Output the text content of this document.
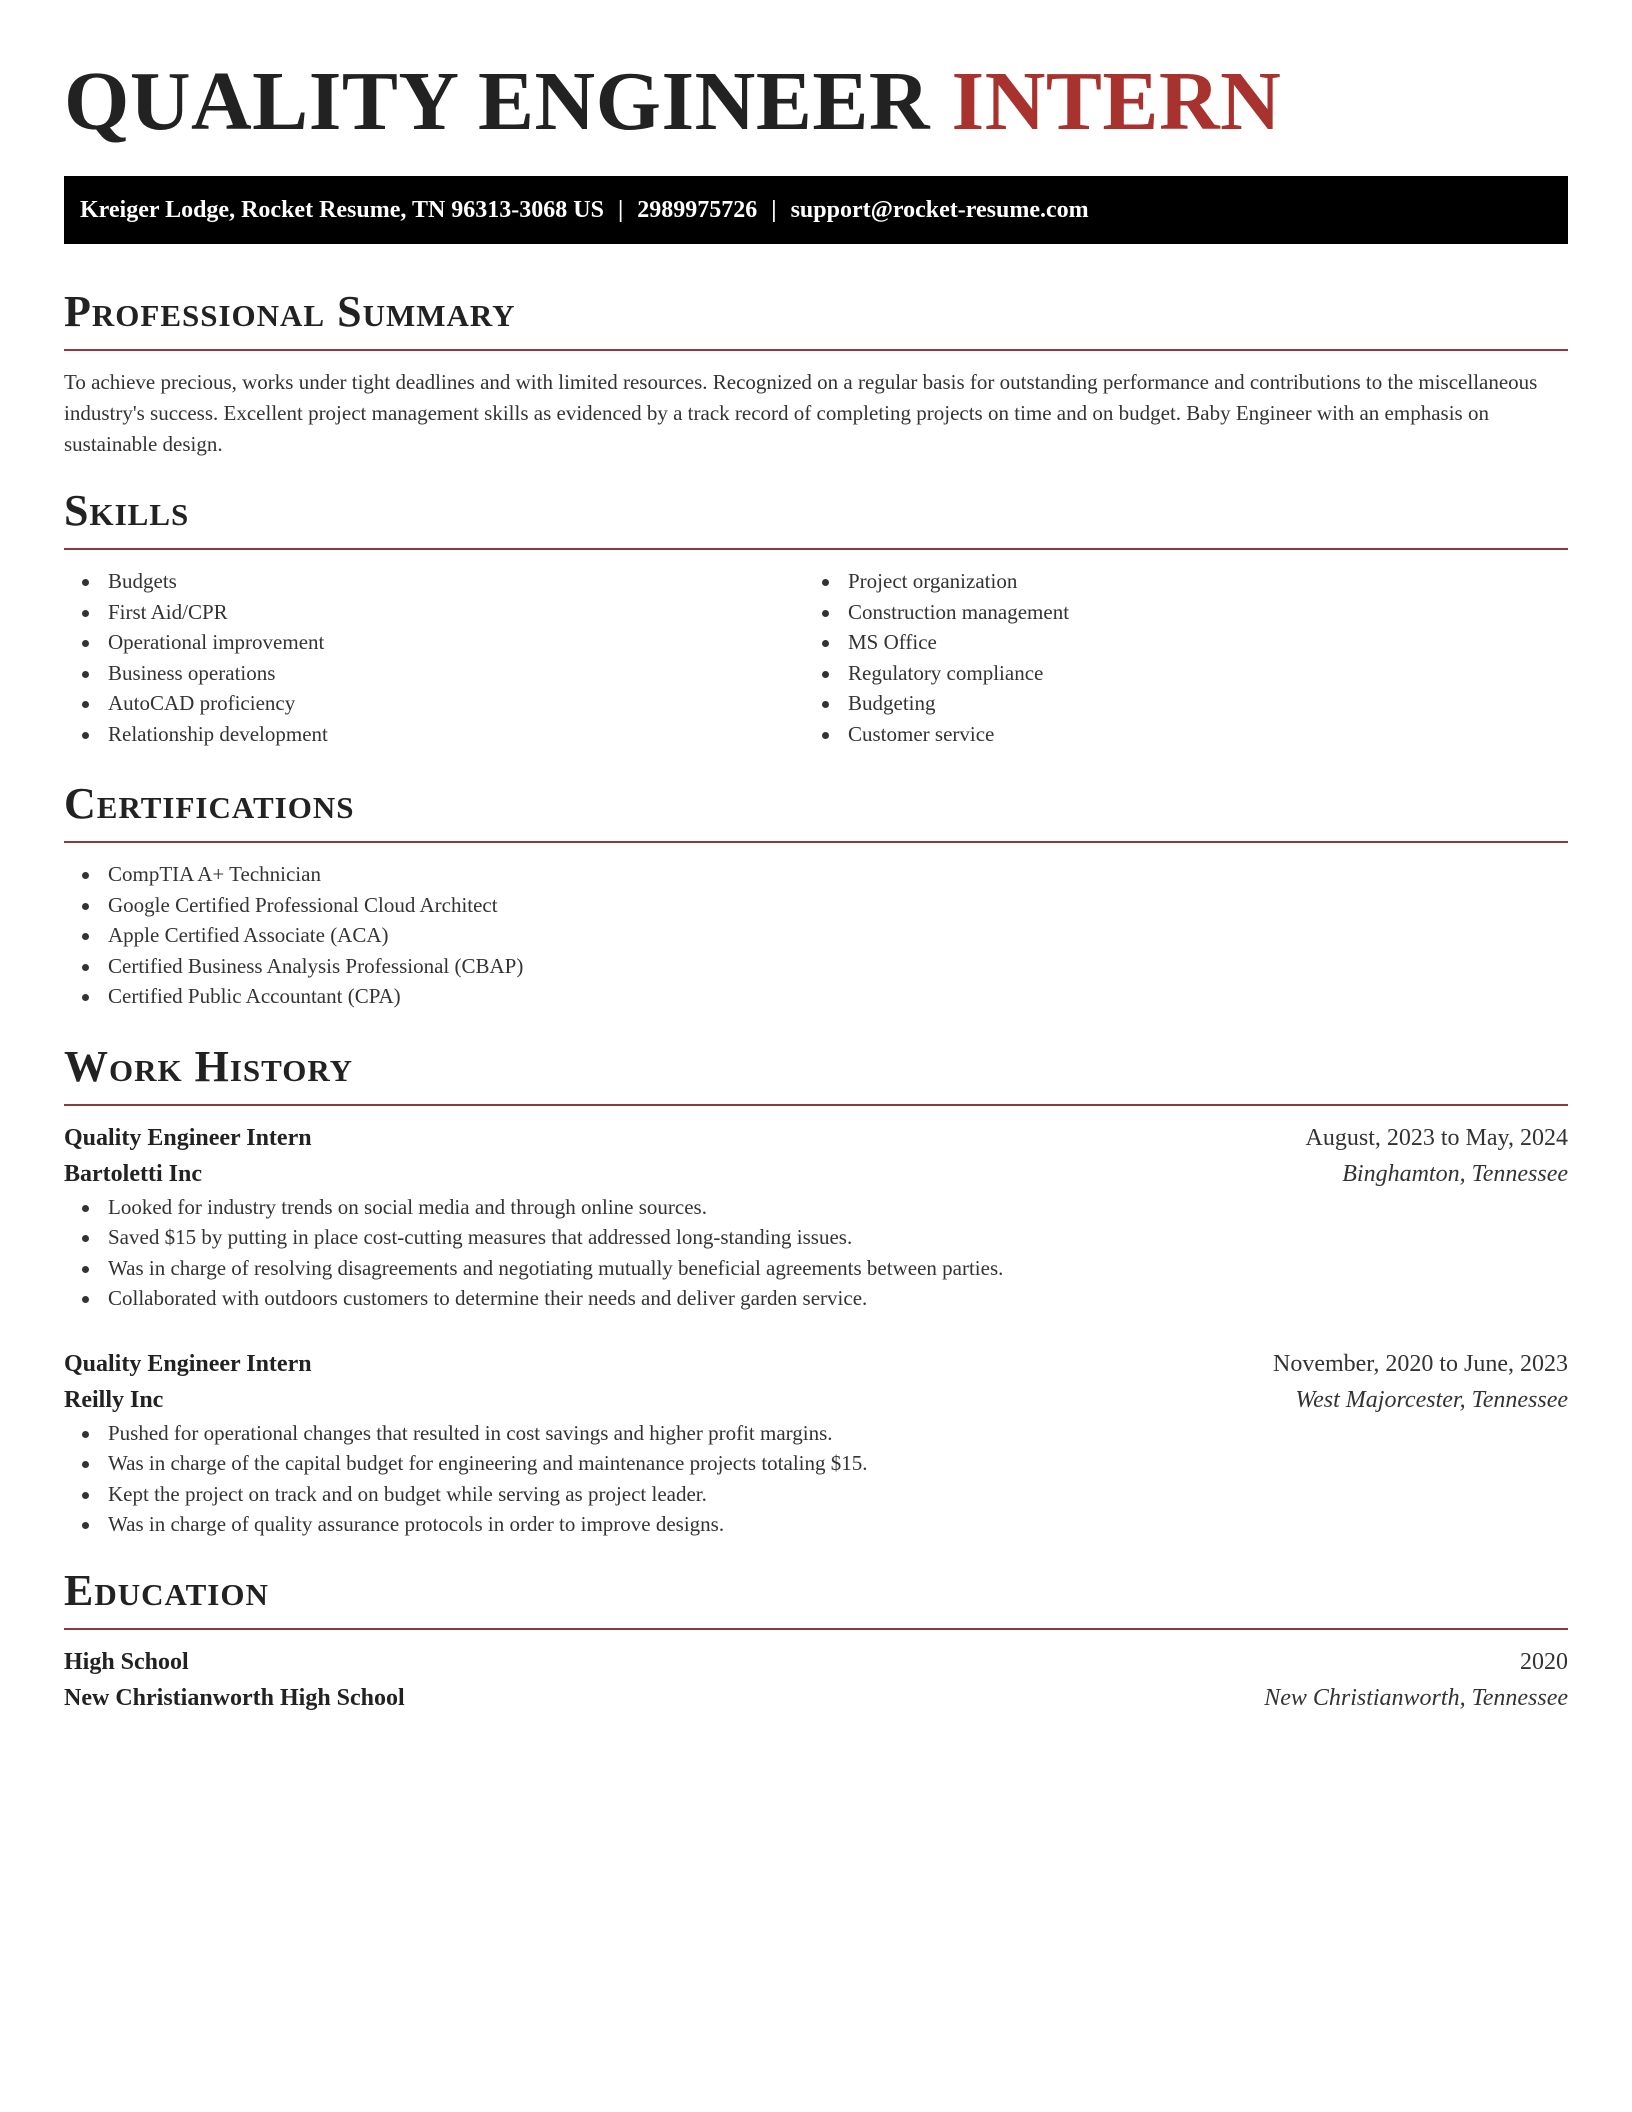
QUALITY ENGINEER INTERN
Kreiger Lodge, Rocket Resume, TN 96313-3068 US | 2989975726 | support@rocket-resume.com
Professional Summary

To achieve precious, works under tight deadlines and with limited resources. Recognized on a regular basis for outstanding performance and contributions to the miscellaneous industry's success. Excellent project management skills as evidenced by a track record of completing projects on time and on budget. Baby Engineer with an emphasis on sustainable design.

Skills
Budgets
First Aid/CPR
Operational improvement
Business operations
AutoCAD proficiency
Relationship development
Project organization
Construction management
MS Office
Regulatory compliance
Budgeting
Customer service
Certifications
CompTIA A+ Technician
Google Certified Professional Cloud Architect
Apple Certified Associate (ACA)
Certified Business Analysis Professional (CBAP)
Certified Public Accountant (CPA)
Work History
Quality Engineer Intern	August, 2023 to May, 2024
Bartoletti Inc	Binghamton, Tennessee
Looked for industry trends on social media and through online sources.
Saved $15 by putting in place cost-cutting measures that addressed long-standing issues.
Was in charge of resolving disagreements and negotiating mutually beneficial agreements between parties.
Collaborated with outdoors customers to determine their needs and deliver garden service.
Quality Engineer Intern	November, 2020 to June, 2023
Reilly Inc	West Majorcester, Tennessee
Pushed for operational changes that resulted in cost savings and higher profit margins.
Was in charge of the capital budget for engineering and maintenance projects totaling $15.
Kept the project on track and on budget while serving as project leader.
Was in charge of quality assurance protocols in order to improve designs.
Education
High School	2020
New Christianworth High School	New Christianworth, Tennessee
